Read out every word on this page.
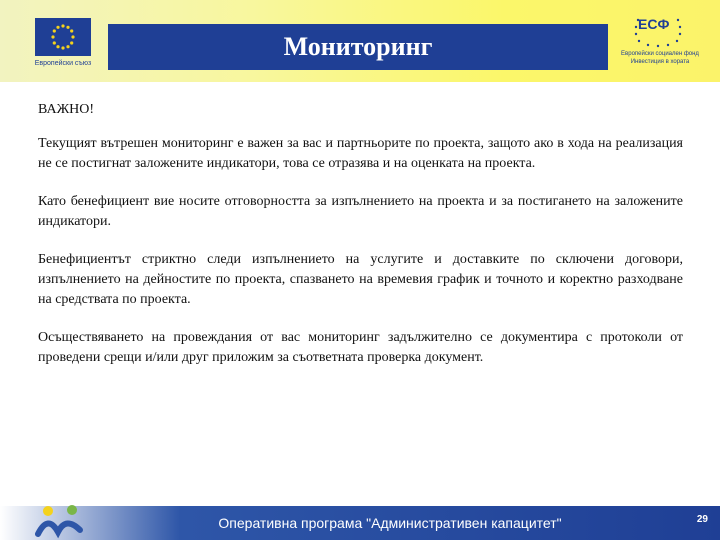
Европейски съюз
Мониторинг
ЕСФ
Европейски социален фонд
Инвестиция в хората

ВАЖНО!

Текущият вътрешен мониторинг е важен за вас и партньорите по проекта, защото ако в хода на реализация не се постигнат заложените индикатори, това се отразява и на оценката на проекта.

Като бенефициент вие носите отговорността за изпълнението на проекта и за постигането на заложените индикатори.

Бенефициентът стриктно следи изпълнението на услугите и доставките по сключени договори, изпълнението на дейностите по проекта, спазването на времевия график и точното и коректно разходване на средствата по проекта.

Осъществяването на провеждания от вас мониторинг задължително се документира с протоколи от проведени срещи и/или друг приложим за съответната проверка документ.

Оперативна програма "Административен капацитет"	29
